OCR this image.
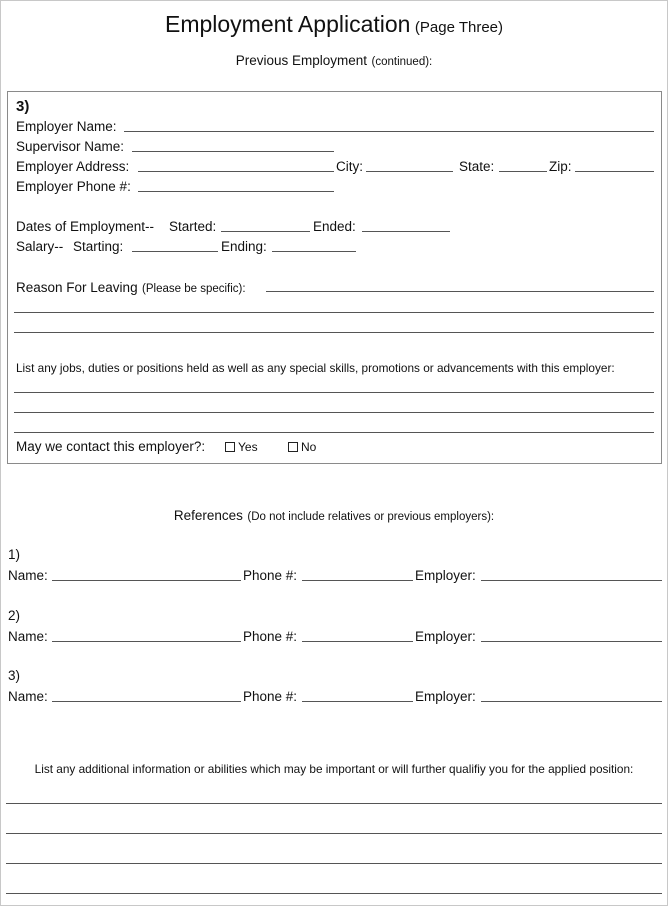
Employment Application (Page Three)
Previous Employment (continued):
3)
Employer Name:
Supervisor Name:
Employer Address:	City:	State:	Zip:
Employer Phone #:
Dates of Employment-- Started:	Ended:
Salary-- Starting:	Ending:
Reason For Leaving (Please be specific):
List any jobs, duties or positions held as well as any special skills, promotions or advancements with this employer:
May we contact this employer?:	Yes	No
References (Do not include relatives or previous employers):
1)
Name:	Phone #:	Employer:
2)
Name:	Phone #:	Employer:
3)
Name:	Phone #:	Employer:
List any additional information or abilities which may be important or will further qualifiy you for the applied position:
